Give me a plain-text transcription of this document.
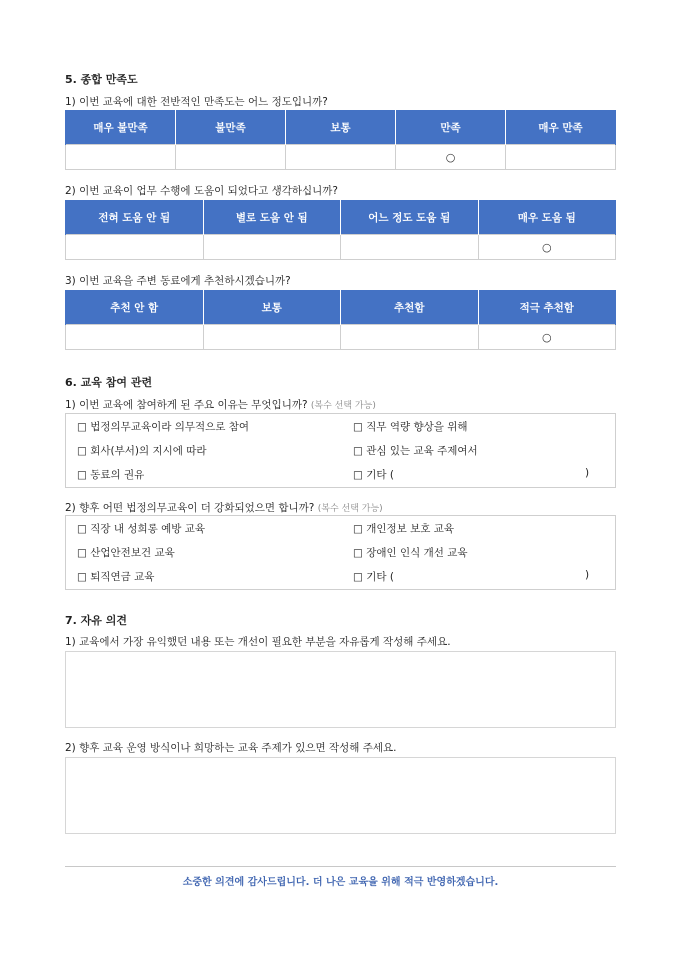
5. 종합 만족도
1) 이번 교육에 대한 전반적인 만족도는 어느 정도입니까?
매우 불만족	불만족	보통	만족	매우 만족
			○	
2) 이번 교육이 업무 수행에 도움이 되었다고 생각하십니까?
전혀 도움 안 됨	별로 도움 안 됨	어느 정도 도움 됨	매우 도움 됨
			○
3) 이번 교육을 주변 동료에게 추천하시겠습니까?
추천 안 함	보통	추천함	적극 추천함
			○
6. 교육 참여 관련
1) 이번 교육에 참여하게 된 주요 이유는 무엇입니까? (복수 선택 가능)
□ 법정의무교육이라 의무적으로 참여	□ 직무 역량 향상을 위해
□ 회사(부서)의 지시에 따라	□ 관심 있는 교육 주제여서
□ 동료의 권유	□ 기타 (	)
2) 향후 어떤 법정의무교육이 더 강화되었으면 합니까? (복수 선택 가능)
□ 직장 내 성희롱 예방 교육	□ 개인정보 보호 교육
□ 산업안전보건 교육	□ 장애인 인식 개선 교육
□ 퇴직연금 교육	□ 기타 (	)
7. 자유 의견
1) 교육에서 가장 유익했던 내용 또는 개선이 필요한 부분을 자유롭게 작성해 주세요.
2) 향후 교육 운영 방식이나 희망하는 교육 주제가 있으면 작성해 주세요.
소중한 의견에 감사드립니다. 더 나은 교육을 위해 적극 반영하겠습니다.
